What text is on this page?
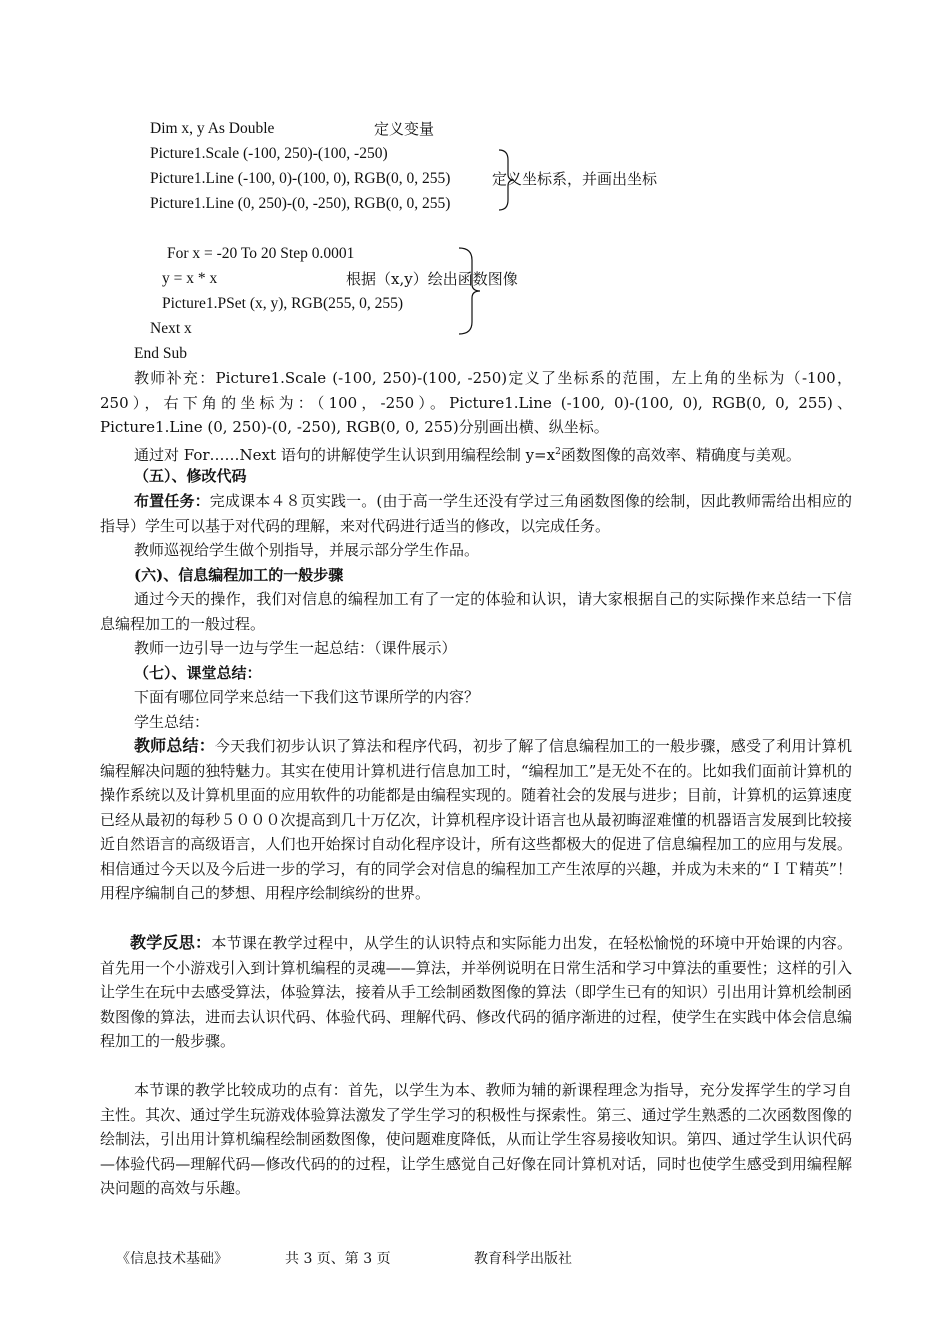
Dim x, y As Double	定义变量
Picture1.Scale (-100, 250)-(100, -250)
Picture1.Line (-100, 0)-(100, 0), RGB(0, 0, 255)	定义坐标系，并画出坐标
Picture1.Line (0, 250)-(0, -250), RGB(0, 0, 255)
For x = -20 To 20 Step 0.0001
y = x * x	根据（x,y）绘出函数图像
Picture1.PSet (x, y), RGB(255, 0, 255)
Next x
End Sub
教师补充：Picture1.Scale (-100, 250)-(100, -250)定义了坐标系的范围，左上角的坐标为（-100，250），右下角的坐标为：（100，-250）。Picture1.Line (-100, 0)-(100, 0), RGB(0, 0, 255)、Picture1.Line (0, 250)-(0, -250), RGB(0, 0, 255)分别画出横、纵坐标。
通过对 For……Next 语句的讲解使学生认识到用编程绘制 $y=x^2$函数图像的高效率、精确度与美观。
（五）、修改代码
布置任务：完成课本４８页实践一。(由于高一学生还没有学过三角函数图像的绘制，因此教师需给出相应的指导）学生可以基于对代码的理解，来对代码进行适当的修改，以完成任务。
教师巡视给学生做个别指导，并展示部分学生作品。
(六)、信息编程加工的一般步骤
通过今天的操作，我们对信息的编程加工有了一定的体验和认识，请大家根据自己的实际操作来总结一下信息编程加工的一般过程。
教师一边引导一边与学生一起总结：（课件展示）
（七）、课堂总结：
下面有哪位同学来总结一下我们这节课所学的内容？
学生总结：
教师总结：今天我们初步认识了算法和程序代码，初步了解了信息编程加工的一般步骤，感受了利用计算机编程解决问题的独特魅力。其实在使用计算机进行信息加工时，“编程加工”是无处不在的。比如我们面前计算机的操作系统以及计算机里面的应用软件的功能都是由编程实现的。随着社会的发展与进步；目前，计算机的运算速度已经从最初的每秒５０００次提高到几十万亿次，计算机程序设计语言也从最初晦涩难懂的机器语言发展到比较接近自然语言的高级语言，人们也开始探讨自动化程序设计，所有这些都极大的促进了信息编程加工的应用与发展。相信通过今天以及今后进一步的学习，有的同学会对信息的编程加工产生浓厚的兴趣，并成为未来的“ＩＴ精英”！用程序编制自己的梦想、用程序绘制缤纷的世界。
教学反思：本节课在教学过程中，从学生的认识特点和实际能力出发，在轻松愉悦的环境中开始课的内容。首先用一个小游戏引入到计算机编程的灵魂——算法，并举例说明在日常生活和学习中算法的重要性；这样的引入让学生在玩中去感受算法，体验算法，接着从手工绘制函数图像的算法（即学生已有的知识）引出用计算机绘制函数图像的算法，进而去认识代码、体验代码、理解代码、修改代码的循序渐进的过程，使学生在实践中体会信息编程加工的一般步骤。
本节课的教学比较成功的点有：首先，以学生为本、教师为辅的新课程理念为指导，充分发挥学生的学习自主性。其次、通过学生玩游戏体验算法激发了学生学习的积极性与探索性。第三、通过学生熟悉的二次函数图像的绘制法，引出用计算机编程绘制函数图像，使问题难度降低，从而让学生容易接收知识。第四、通过学生认识代码—体验代码—理解代码—修改代码的的过程，让学生感觉自己好像在同计算机对话，同时也使学生感受到用编程解决问题的高效与乐趣。
《信息技术基础》	共 3 页、第 3 页	教育科学出版社
